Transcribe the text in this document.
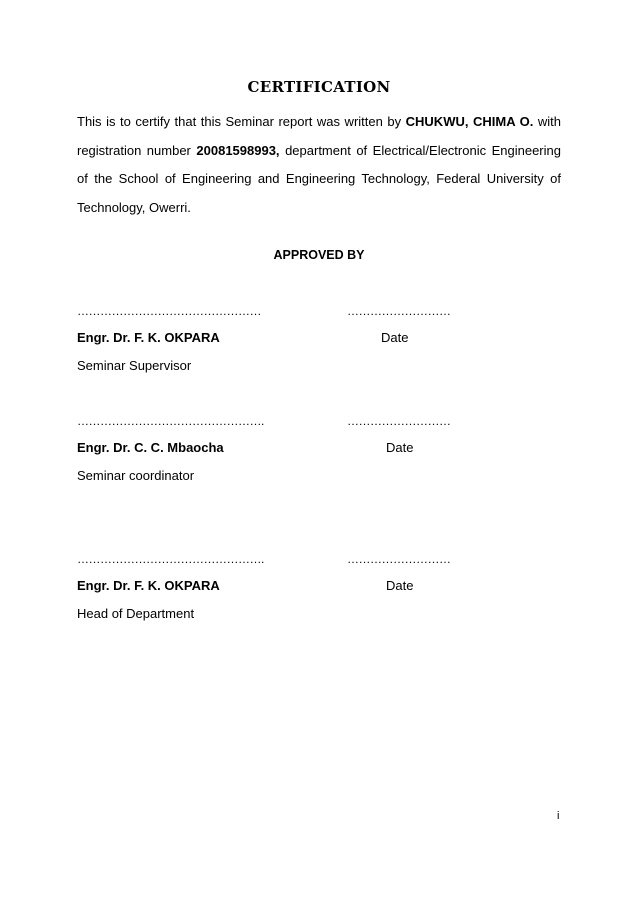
CERTIFICATION
This is to certify that this Seminar report was written by CHUKWU, CHIMA O. with registration number 20081598993, department of Electrical/Electronic Engineering of the School of Engineering and Engineering Technology, Federal University of Technology, Owerri.
APPROVED BY
…………………………………………	………………………
Engr. Dr. F. K. OKPARA	Date
Seminar Supervisor
………………………………………….	………………………
Engr. Dr. C. C. Mbaocha	Date
Seminar coordinator
………………………………………….	………………………
Engr. Dr. F. K. OKPARA	Date
Head of Department
i
